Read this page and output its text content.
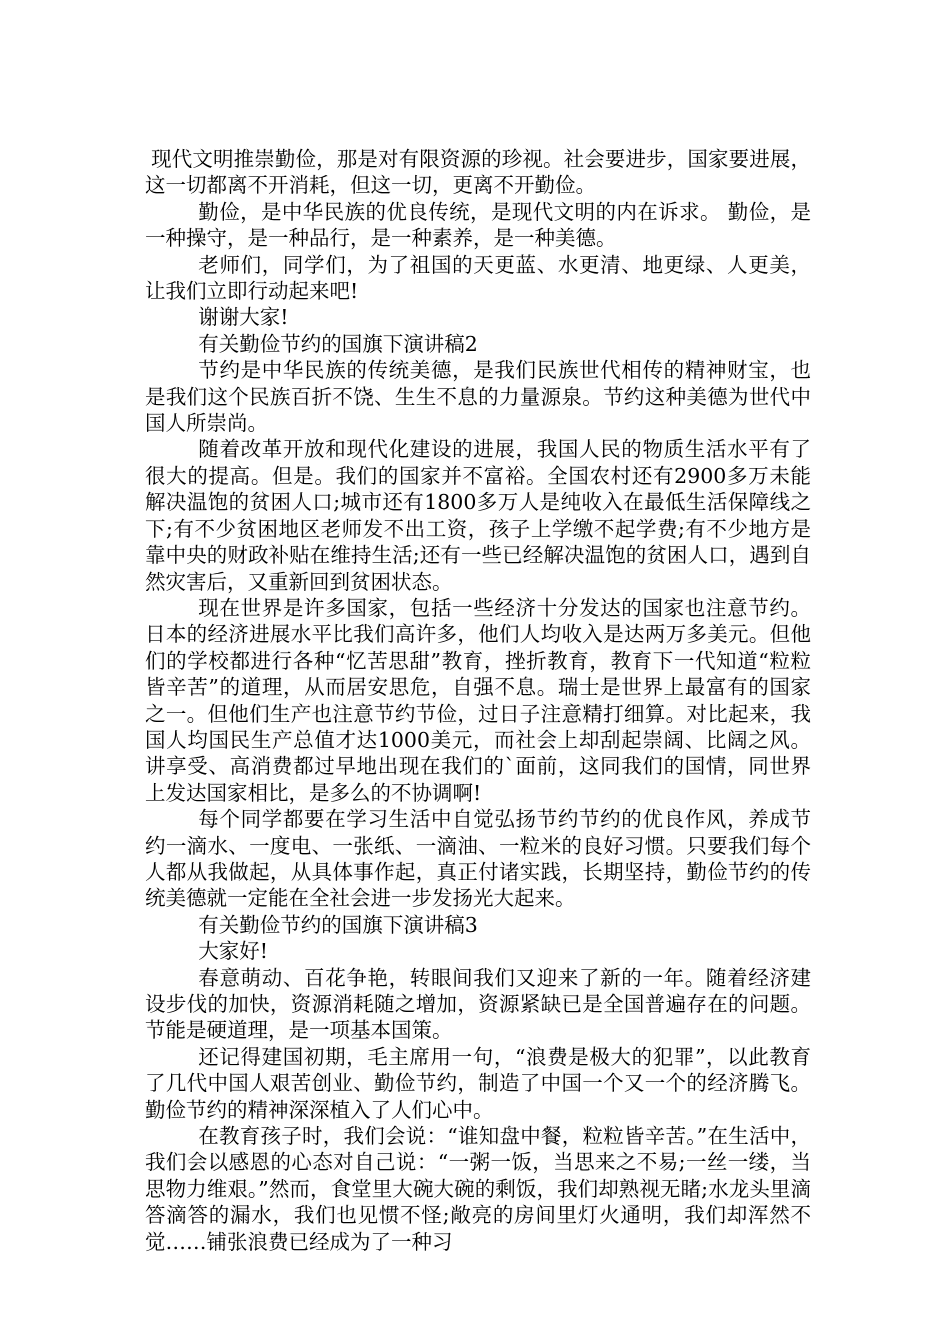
现代文明推崇勤俭，那是对有限资源的珍视。社会要进步，国家要进展，这一切都离不开消耗，但这一切，更离不开勤俭。

勤俭，是中华民族的优良传统，是现代文明的内在诉求。 勤俭，是一种操守，是一种品行，是一种素养，是一种美德。

老师们，同学们，为了祖国的天更蓝、水更清、地更绿、人更美，让我们立即行动起来吧!

谢谢大家!

有关勤俭节约的国旗下演讲稿2

节约是中华民族的传统美德，是我们民族世代相传的精神财宝，也是我们这个民族百折不饶、生生不息的力量源泉。节约这种美德为世代中国人所崇尚。

随着改革开放和现代化建设的进展，我国人民的物质生活水平有了很大的提高。但是。我们的国家并不富裕。全国农村还有2900多万未能解决温饱的贫困人口;城市还有1800多万人是纯收入在最低生活保障线之下;有不少贫困地区老师发不出工资，孩子上学缴不起学费;有不少地方是靠中央的财政补贴在维持生活;还有一些已经解决温饱的贫困人口，遇到自然灾害后，又重新回到贫困状态。

现在世界是许多国家，包括一些经济十分发达的国家也注意节约。日本的经济进展水平比我们高许多，他们人均收入是达两万多美元。但他们的学校都进行各种“忆苦思甜”教育，挫折教育，教育下一代知道“粒粒皆辛苦”的道理，从而居安思危，自强不息。瑞士是世界上最富有的国家之一。但他们生产也注意节约节俭，过日子注意精打细算。对比起来，我国人均国民生产总值才达1000美元，而社会上却刮起崇阔、比阔之风。讲享受、高消费都过早地出现在我们的`面前，这同我们的国情，同世界上发达国家相比，是多么的不协调啊!

每个同学都要在学习生活中自觉弘扬节约节约的优良作风，养成节约一滴水、一度电、一张纸、一滴油、一粒米的良好习惯。只要我们每个人都从我做起，从具体事作起，真正付诸实践，长期坚持，勤俭节约的传统美德就一定能在全社会进一步发扬光大起来。

有关勤俭节约的国旗下演讲稿3

大家好!

春意萌动、百花争艳，转眼间我们又迎来了新的一年。随着经济建设步伐的加快，资源消耗随之增加，资源紧缺已是全国普遍存在的问题。节能是硬道理，是一项基本国策。

还记得建国初期，毛主席用一句，“浪费是极大的犯罪”，以此教育了几代中国人艰苦创业、勤俭节约，制造了中国一个又一个的经济腾飞。勤俭节约的精神深深植入了人们心中。

在教育孩子时，我们会说：“谁知盘中餐，粒粒皆辛苦。”在生活中，我们会以感恩的心态对自己说：“一粥一饭，当思来之不易;一丝一缕，当思物力维艰。”然而，食堂里大碗大碗的剩饭，我们却熟视无睹;水龙头里滴答滴答的漏水，我们也见惯不怪;敞亮的房间里灯火通明，我们却浑然不觉……铺张浪费已经成为了一种习
